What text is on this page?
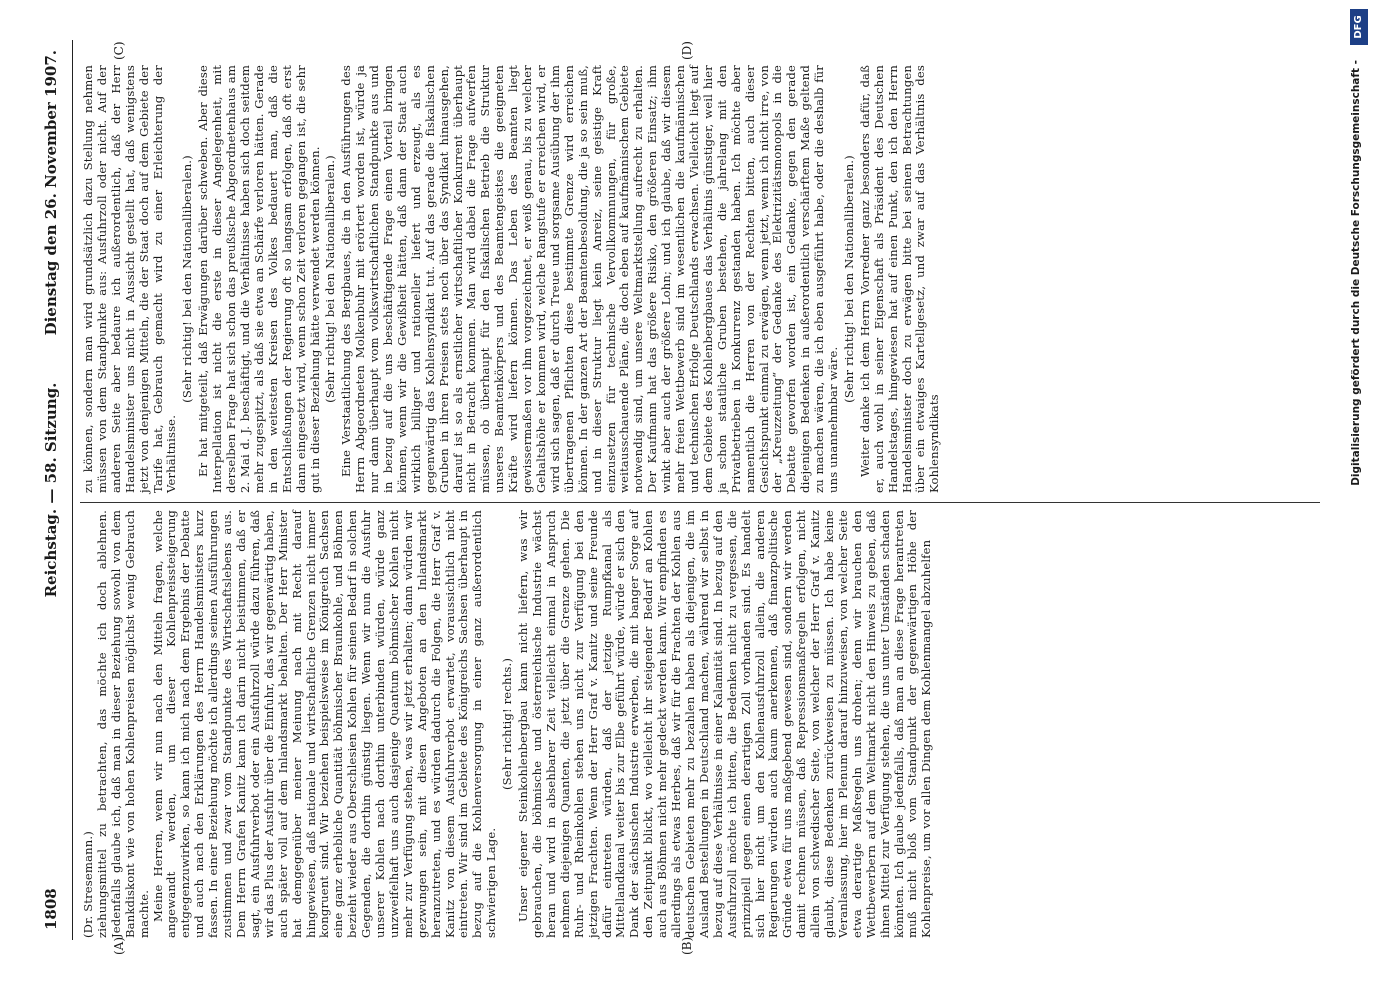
1808
Reichstag. — 58. Sitzung.
Dienstag den 26. November 1907.
(A)	(B)
(C)	(D)

(Dr. Stresemann.) ziehungsmittel zu betrachten, das möchte ich doch ablehnen. Jedenfalls glaube ich, daß man in dieser Beziehung sowohl von dem Bankdiskont wie von hohen Kohlenpreisen möglichst wenig Gebrauch machte. Meine Herren, wenn wir nun nach den Mitteln fragen, welche angewandt werden, um dieser Kohlenpreissteigerung entgegenzuwirken, so kann ich mich nach dem Ergebnis der Debatte und auch nach den Erklärungen des Herrn Handelsministers kurz fassen. In einer Beziehung möchte ich allerdings seinen Ausführungen zustimmen und zwar vom Standpunkte des Wirtschaftslebens aus. Dem Herrn Grafen Kanitz kann ich darin nicht beistimmen, daß er sagt, ein Ausfuhrverbot oder ein Ausfuhrzoll würde dazu führen, daß wir das Plus der Ausfuhr über die Einfuhr, das wir gegenwärtig haben, auch später voll auf dem Inlandsmarkt behalten. Der Herr Minister hat demgegenüber meiner Meinung nach mit Recht darauf hingewiesen, daß nationale und wirtschaftliche Grenzen nicht immer kongruent sind. Wir beziehen beispielsweise im Königreich Sachsen eine ganz erhebliche Quantität böhmischer Braunkohle, und Böhmen bezieht wieder aus Oberschlesien Kohlen für seinen Bedarf in solchen Gegenden, die dorthin günstig liegen. Wenn wir nun die Ausfuhr unserer Kohlen nach dorthin unterbinden würden, würde ganz unzweifelhaft uns auch dasjenige Quantum böhmischer Kohlen nicht mehr zur Verfügung stehen, was wir jetzt erhalten; dann würden wir gezwungen sein, mit diesen Angeboten an den Inlandsmarkt heranzutreten, und es würden dadurch die Folgen, die Herr Graf v. Kanitz von diesem Ausfuhrverbot erwartet, voraussichtlich nicht eintreten. Wir sind im Gebiete des Königreichs Sachsen überhaupt in bezug auf die Kohlenversorgung in einer ganz außerordentlich schwierigen Lage.

(Sehr richtig! rechts.) Unser eigener Steinkohlenbergbau kann nicht liefern, was wir gebrauchen, die böhmische und österreichische Industrie wächst heran und wird in absehbarer Zeit vielleicht einmal in Anspruch nehmen diejenigen Quanten, die jetzt über die Grenze gehen. Die Ruhr- und Rheinkohlen stehen uns nicht zur Verfügung bei den jetzigen Frachten. Wenn der Herr Graf v. Kanitz und seine Freunde dafür eintreten würden, daß der jetzige Rumpfkanal als Mittellandkanal weiter bis zur Elbe geführt würde, würde er sich den Dank der sächsischen Industrie erwerben, die mit banger Sorge auf den Zeitpunkt blickt, wo vielleicht ihr steigender Bedarf an Kohlen auch aus Böhmen nicht mehr gedeckt werden kann. Wir empfinden es allerdings als etwas Herbes, daß wir für die Frachten der Kohlen aus deutschen Gebieten mehr zu bezahlen haben als diejenigen, die im Ausland Bestellungen in Deutschland machen, während wir selbst in bezug auf diese Verhältnisse in einer Kalamität sind. In bezug auf den Ausfuhrzoll möchte ich bitten, die Bedenken nicht zu vergessen, die prinzipiell gegen einen derartigen Zoll vorhanden sind. Es handelt sich hier nicht um den Kohlenausfuhrzoll allein, die anderen Regierungen würden auch kaum anerkennen, daß finanzpolitische Gründe etwa für uns maßgebend gewesen sind, sondern wir werden damit rechnen müssen, daß Repressionsmaßregeln erfolgen, nicht allein von schwedischer Seite, von welcher der Herr Graf v. Kanitz glaubt, diese Bedenken zurückweisen zu müssen. Ich habe keine Veranlassung, hier im Plenum darauf hinzuweisen, von welcher Seite etwa derartige Maßregeln uns drohen; denn wir brauchen den Wettbewerbern auf dem Weltmarkt nicht den Hinweis zu geben, daß ihnen Mittel zur Verfügung stehen, die uns unter Umständen schaden könnten. Ich glaube jedenfalls, daß man an diese Frage herantreten muß nicht bloß vom Standpunkt der gegenwärtigen Höhe der Kohlenpreise, um vor allen Dingen dem Kohlenmangel abzuhelfen

zu können, sondern man wird grundsätzlich dazu Stellung nehmen müssen von dem Standpunkte aus: Ausfuhrzoll oder nicht. Auf der anderen Seite aber bedaure ich außerordentlich, daß der Herr Handelsminister uns nicht in Aussicht gestellt hat, daß wenigstens jetzt von denjenigen Mitteln, die der Staat doch auf dem Gebiete der Tarife hat, Gebrauch gemacht wird zu einer Erleichterung der Verhältnisse.

(Sehr richtig! bei den Nationalliberalen.) Er hat mitgeteilt, daß Erwägungen darüber schweben. Aber diese Interpellation ist nicht die erste in dieser Angelegenheit, mit derselben Frage hat sich schon das preußische Abgeordnetenhaus am 2. Mai d. J. beschäftigt, und die Verhältnisse haben sich doch seitdem mehr zugespitzt, als daß sie etwa an Schärfe verloren hätten. Gerade in den weitesten Kreisen des Volkes bedauert man, daß die Entschließungen der Regierung oft so langsam erfolgen, daß oft erst dann eingesetzt wird, wenn schon Zeit verloren gegangen ist, die sehr gut in dieser Beziehung hätte verwendet werden können. (Sehr richtig! bei den Nationalliberalen.) Eine Verstaatlichung des Bergbaues, die in den Ausführungen des Herrn Abgeordneten Molkenbuhr mit erörtert worden ist, würde ja nur dann überhaupt vom volkswirtschaftlichen Standpunkte aus und in bezug auf die uns beschäftigende Frage einen Vorteil bringen können, wenn wir die Gewißheit hätten, daß dann der Staat auch wirklich billiger und rationeller liefert und erzeugt, als es gegenwärtig das Kohlensyndikat tut. Auf das gerade die fiskalischen Gruben in ihren Preisen stets noch über das Syndikat hinausgehen, darauf ist so als ernstlicher wirtschaftlicher Konkurrent überhaupt nicht in Betracht kommen. Man wird dabei die Frage aufwerfen müssen, ob überhaupt für den fiskalischen Betrieb die Struktur unseres Beamtenkörpers und des Beamtengeistes die geeigneten Kräfte wird liefern können. Das Leben des Beamten liegt gewissermaßen vor ihm vorgezeichnet, er weiß genau, bis zu welcher Gehaltshöhe er kommen wird, welche Rangstufe er erreichen wird, er wird sich sagen, daß er durch Treue und sorgsame Ausübung der ihm übertragenen Pflichten diese bestimmte Grenze wird erreichen können. In der ganzen Art der Beamtenbesoldung, die ja so sein muß, und in dieser Struktur liegt kein Anreiz, seine geistige Kraft einzusetzen für technische Vervollkommnungen, für große, weitausschauende Pläne, die doch eben auf kaufmännischem Gebiete notwendig sind, um unsere Weltmarktstellung aufrecht zu erhalten. Der Kaufmann hat das größere Risiko, den größeren Einsatz; ihm winkt aber auch der größere Lohn; und ich glaube, daß wir diesem mehr freien Wettbewerb sind im wesentlichen die kaufmännischen und technischen Erfolge Deutschlands erwachsen. Vielleicht liegt auf dem Gebiete des Kohlenbergbaues das Verhältnis günstiger, weil hier ja schon staatliche Gruben bestehen, die jahrelang mit den Privatbetrieben in Konkurrenz gestanden haben. Ich möchte aber namentlich die Herren von der Rechten bitten, auch dieser Gesichtspunkt einmal zu erwägen, wenn jetzt, wenn ich nicht irre, von der „Kreuzzeitung“ der Gedanke des Elektrizitätsmonopols in die Debatte geworfen worden ist, ein Gedanke, gegen den gerade diejenigen Bedenken in außerordentlich verschärftem Maße geltend zu machen wären, die ich eben ausgeführt habe, oder die deshalb für uns unannehmbar wäre.

(Sehr richtig! bei den Nationalliberalen.) Weiter danke ich dem Herrn Vorredner ganz besonders dafür, daß er, auch wohl in seiner Eigenschaft als Präsident des Deutschen Handelstages, hingewiesen hat auf einen Punkt, den ich den Herrn Handelsminister doch zu erwägen bitte bei seinen Betrachtungen über ein etwaiges Kartellgesetz, und zwar auf das Verhältnis des Kohlensyndikats	Digitalisierung gefördert durch die Deutsche Forschungsgemeinschaft -
DFG
